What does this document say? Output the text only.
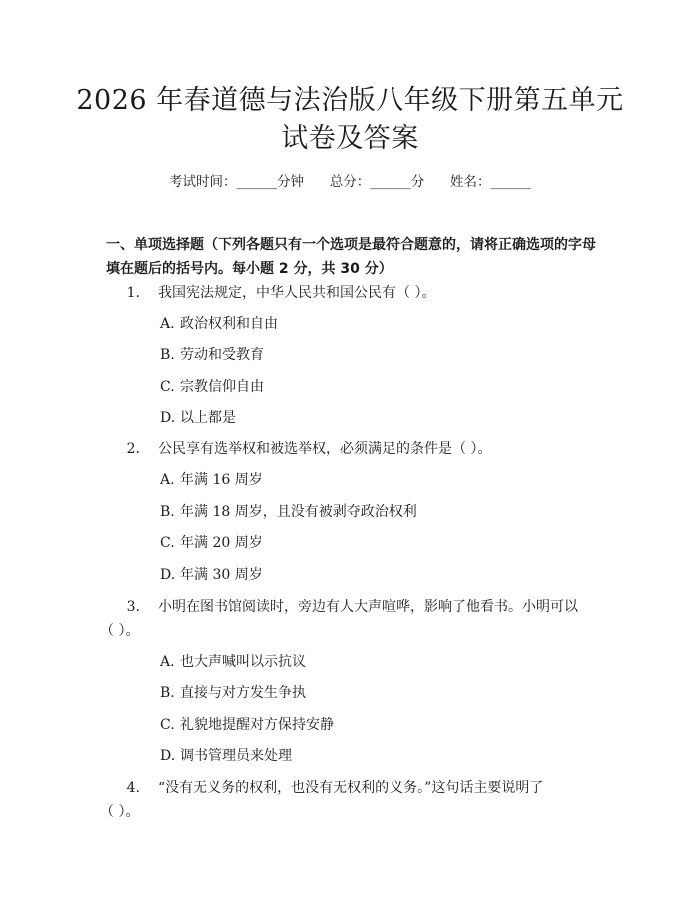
2026 年春道德与法治版八年级下册第五单元
试卷及答案
考试时间：______分钟 总分：______分 姓名：______
一、单项选择题（下列各题只有一个选项是最符合题意的，请将正确选项的字母
填在题后的括号内。每小题 2 分，共 30 分）
1. 我国宪法规定，中华人民共和国公民有（ ）。
A. 政治权利和自由
B. 劳动和受教育
C. 宗教信仰自由
D. 以上都是
2. 公民享有选举权和被选举权，必须满足的条件是（ ）。
A. 年满 16 周岁
B. 年满 18 周岁，且没有被剥夺政治权利
C. 年满 20 周岁
D. 年满 30 周岁
3. 小明在图书馆阅读时，旁边有人大声喧哗，影响了他看书。小明可以
（ ）。
A. 也大声喊叫以示抗议
B. 直接与对方发生争执
C. 礼貌地提醒对方保持安静
D. 调书管理员来处理
4. “没有无义务的权利，也没有无权利的义务。”这句话主要说明了
（ ）。
